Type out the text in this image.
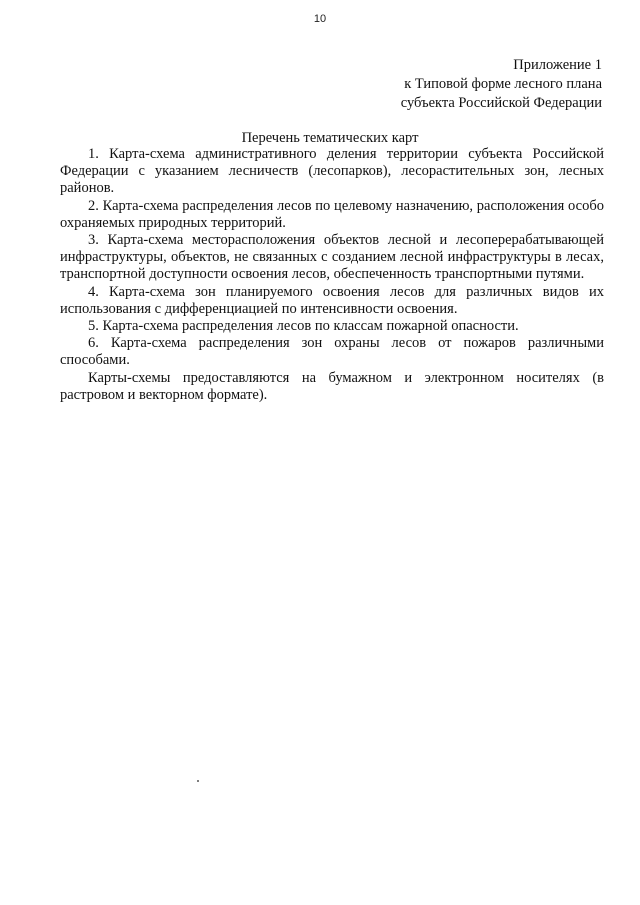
10
Приложение 1
к Типовой форме лесного плана
субъекта Российской Федерации
Перечень тематических карт

1. Карта-схема административного деления территории субъекта Российской Федерации с указанием лесничеств (лесопарков), лесорастительных зон, лесных районов.

2. Карта-схема распределения лесов по целевому назначению, расположения особо охраняемых природных территорий.

3. Карта-схема месторасположения объектов лесной и лесоперерабатывающей инфраструктуры, объектов, не связанных с созданием лесной инфраструктуры в лесах, транспортной доступности освоения лесов, обеспеченность транспортными путями.

4. Карта-схема зон планируемого освоения лесов для различных видов их использования с дифференциацией по интенсивности освоения.

5. Карта-схема распределения лесов по классам пожарной опасности.

6. Карта-схема распределения зон охраны лесов от пожаров различными способами.

Карты-схемы предоставляются на бумажном и электронном носителях (в растровом и векторном формате).
